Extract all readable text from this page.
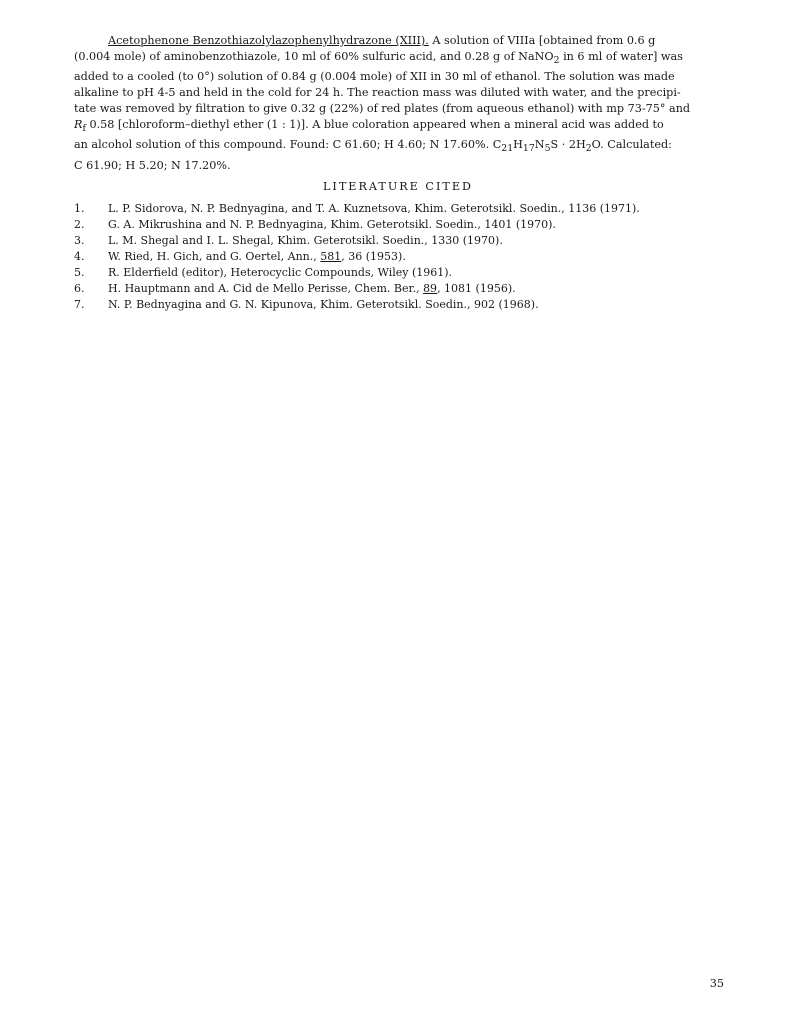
Acetophenone Benzothiazolylazophenylhydrazone (XIII). A solution of VIIIa [obtained from 0.6 g
(0.004 mole) of aminobenzothiazole, 10 ml of 60% sulfuric acid, and 0.28 g of NaNO$_2$ in 6 ml of water] was
added to a cooled (to 0°) solution of 0.84 g (0.004 mole) of XII in 30 ml of ethanol. The solution was made
alkaline to pH 4-5 and held in the cold for 24 h. The reaction mass was diluted with water, and the precipi-
tate was removed by filtration to give 0.32 g (22%) of red plates (from aqueous ethanol) with mp 73-75° and
$R_f$ 0.58 [chloroform–diethyl ether (1 : 1)]. A blue coloration appeared when a mineral acid was added to
an alcohol solution of this compound. Found: C 61.60; H 4.60; N 17.60%. $C_{21}H_{17}N_5S \cdot 2H_2O$. Calculated:
C 61.90; H 5.20; N 17.20%.
LITERATURE CITED
1.	L. P. Sidorova, N. P. Bednyagina, and T. A. Kuznetsova, Khim. Geterotsikl. Soedin., 1136 (1971).
2.	G. A. Mikrushina and N. P. Bednyagina, Khim. Geterotsikl. Soedin., 1401 (1970).
3.	L. M. Shegal and I. L. Shegal, Khim. Geterotsikl. Soedin., 1330 (1970).
4.	W. Ried, H. Gich, and G. Oertel, Ann., 581, 36 (1953).
5.	R. Elderfield (editor), Heterocyclic Compounds, Wiley (1961).
6.	H. Hauptmann and A. Cid de Mello Perisse, Chem. Ber., 89, 1081 (1956).
7.	N. P. Bednyagina and G. N. Kipunova, Khim. Geterotsikl. Soedin., 902 (1968).
35
